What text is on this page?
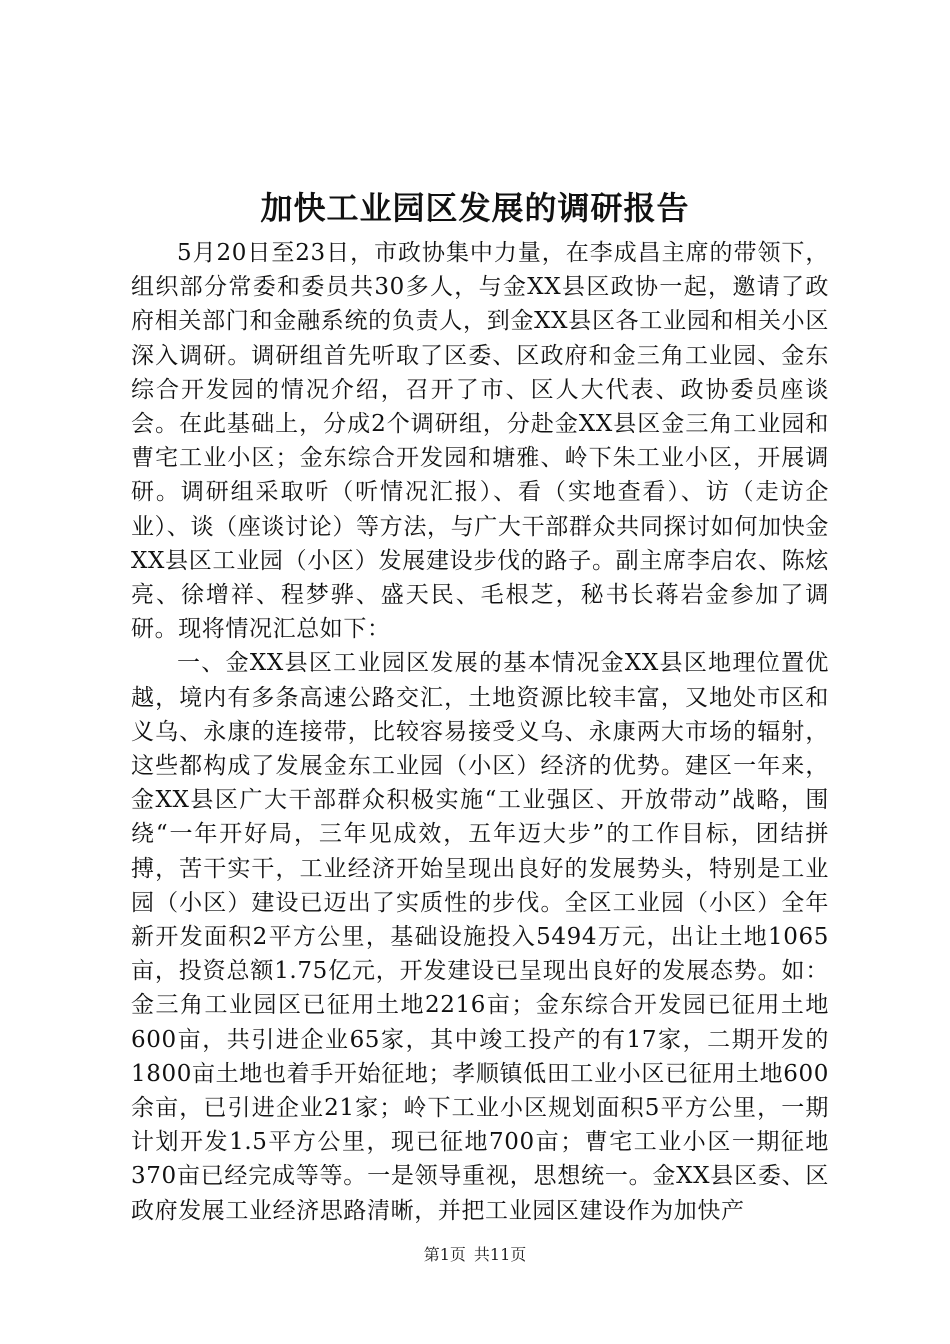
加快工业园区发展的调研报告

5月20日至23日，市政协集中力量，在李成昌主席的带领下，组织部分常委和委员共30多人，与金XX县区政协一起，邀请了政府相关部门和金融系统的负责人，到金XX县区各工业园和相关小区深入调研。调研组首先听取了区委、区政府和金三角工业园、金东综合开发园的情况介绍，召开了市、区人大代表、政协委员座谈会。在此基础上，分成2个调研组，分赴金XX县区金三角工业园和曹宅工业小区；金东综合开发园和塘雅、岭下朱工业小区，开展调研。调研组采取听（听情况汇报）、看（实地查看）、访（走访企业）、谈（座谈讨论）等方法，与广大干部群众共同探讨如何加快金XX县区工业园（小区）发展建设步伐的路子。副主席李启农、陈炫亮、徐增祥、程梦骅、盛天民、毛根芝，秘书长蒋岩金参加了调研。现将情况汇总如下：

一、金XX县区工业园区发展的基本情况金XX县区地理位置优越，境内有多条高速公路交汇，土地资源比较丰富，又地处市区和义乌、永康的连接带，比较容易接受义乌、永康两大市场的辐射，这些都构成了发展金东工业园（小区）经济的优势。建区一年来，金XX县区广大干部群众积极实施“工业强区、开放带动”战略，围绕“一年开好局，三年见成效，五年迈大步”的工作目标，团结拼搏，苦干实干，工业经济开始呈现出良好的发展势头，特别是工业园（小区）建设已迈出了实质性的步伐。全区工业园（小区）全年新开发面积2平方公里，基础设施投入5494万元，出让土地1065亩，投资总额1.75亿元，开发建设已呈现出良好的发展态势。如：金三角工业园区已征用土地2216亩；金东综合开发园已征用土地600亩，共引进企业65家，其中竣工投产的有17家，二期开发的1800亩土地也着手开始征地；孝顺镇低田工业小区已征用土地600余亩，已引进企业21家；岭下工业小区规划面积5平方公里，一期计划开发1.5平方公里，现已征地700亩；曹宅工业小区一期征地370亩已经完成等等。一是领导重视，思想统一。金XX县区委、区政府发展工业经济思路清晰，并把工业园区建设作为加快产

第1页 共11页
